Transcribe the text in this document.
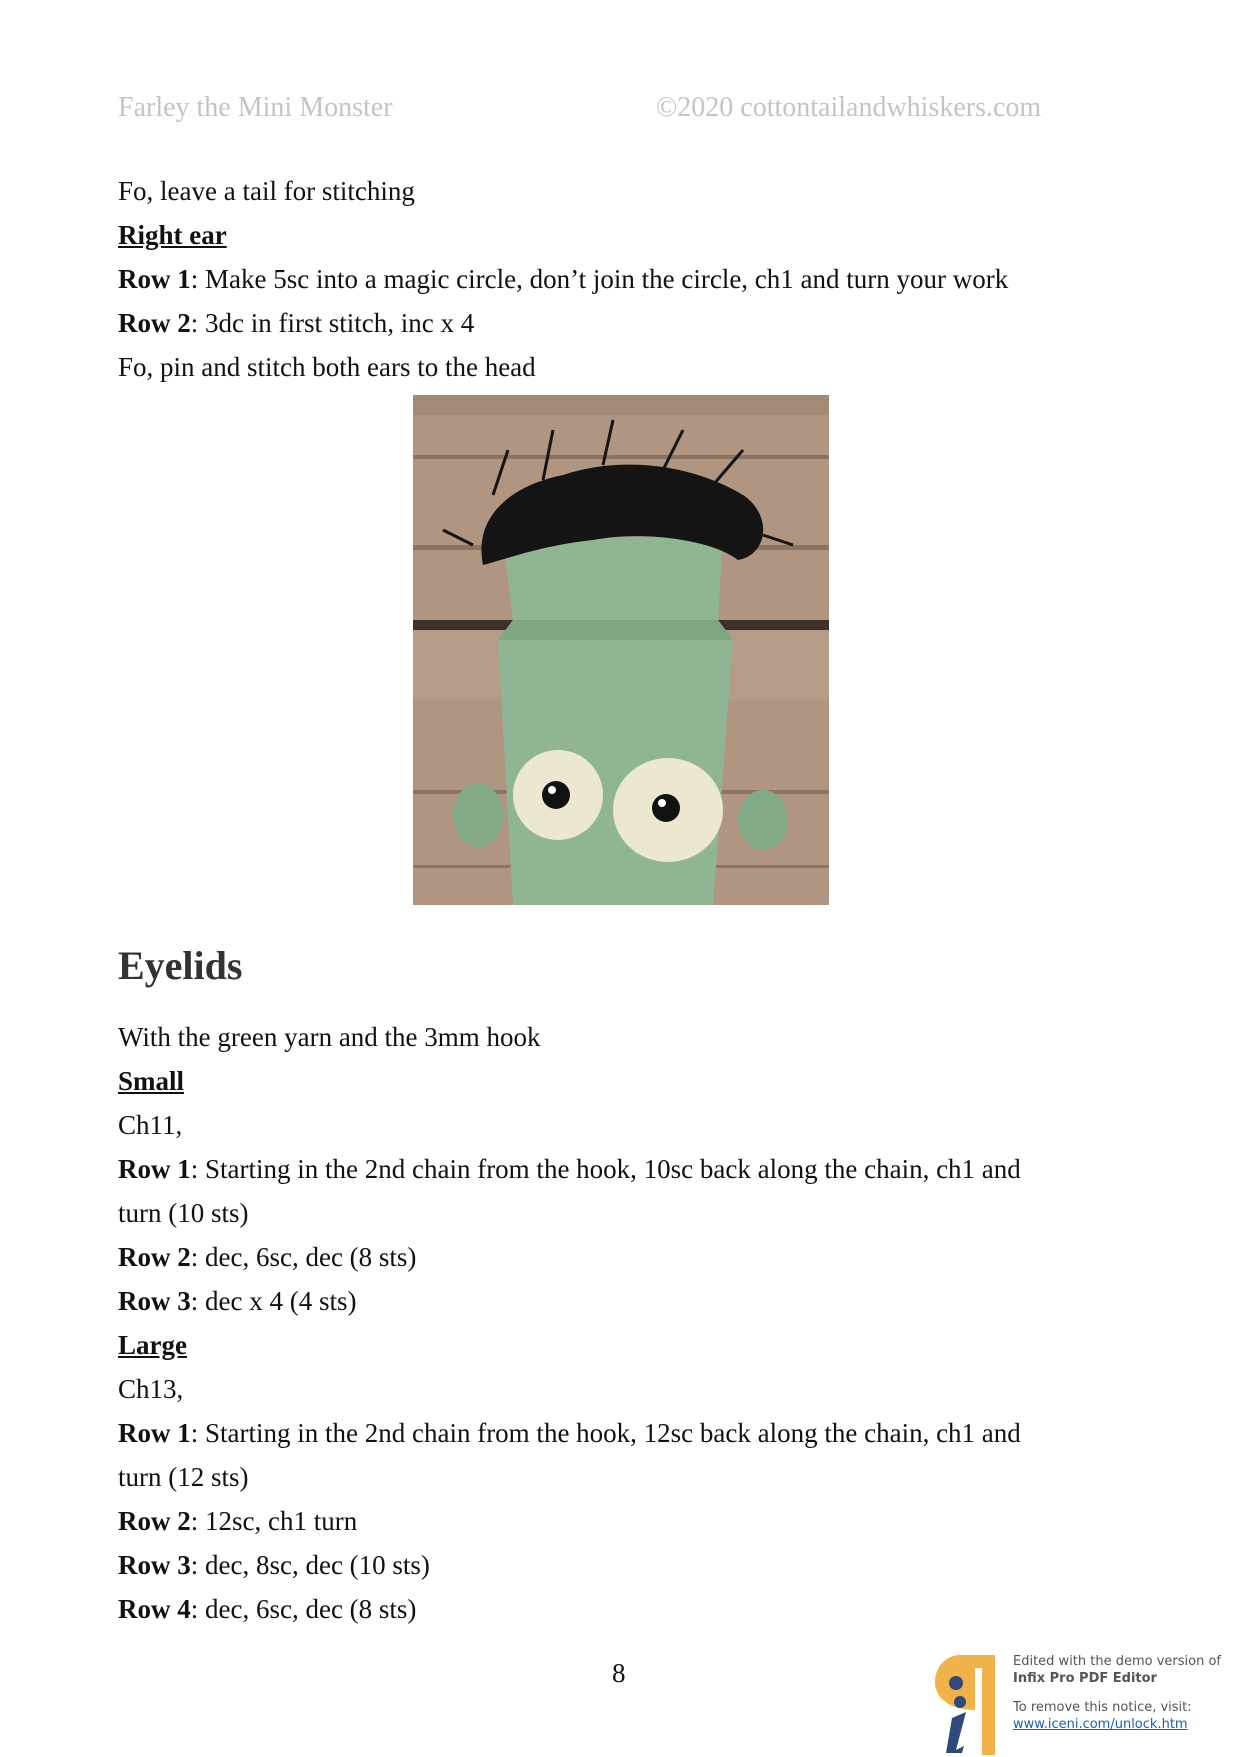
Farley the Mini Monster	©2020 cottontailandwhiskers.com
Fo, leave a tail for stitching
Right ear
Row 1: Make 5sc into a magic circle, don’t join the circle, ch1 and turn your work
Row 2: 3dc in first stitch, inc x 4
Fo, pin and stitch both ears to the head
Eyelids
With the green yarn and the 3mm hook
Small
Ch11,
Row 1: Starting in the 2nd chain from the hook, 10sc back along the chain, ch1 and
turn (10 sts)
Row 2: dec, 6sc, dec (8 sts)
Row 3: dec x 4 (4 sts)
Large
Ch13,
Row 1: Starting in the 2nd chain from the hook, 12sc back along the chain, ch1 and
turn (12 sts)
Row 2: 12sc, ch1 turn
Row 3: dec, 8sc, dec (10 sts)
Row 4: dec, 6sc, dec (8 sts)
8	Edited with the demo version of
Infix Pro PDF Editor
To remove this notice, visit:
www.iceni.com/unlock.htm
